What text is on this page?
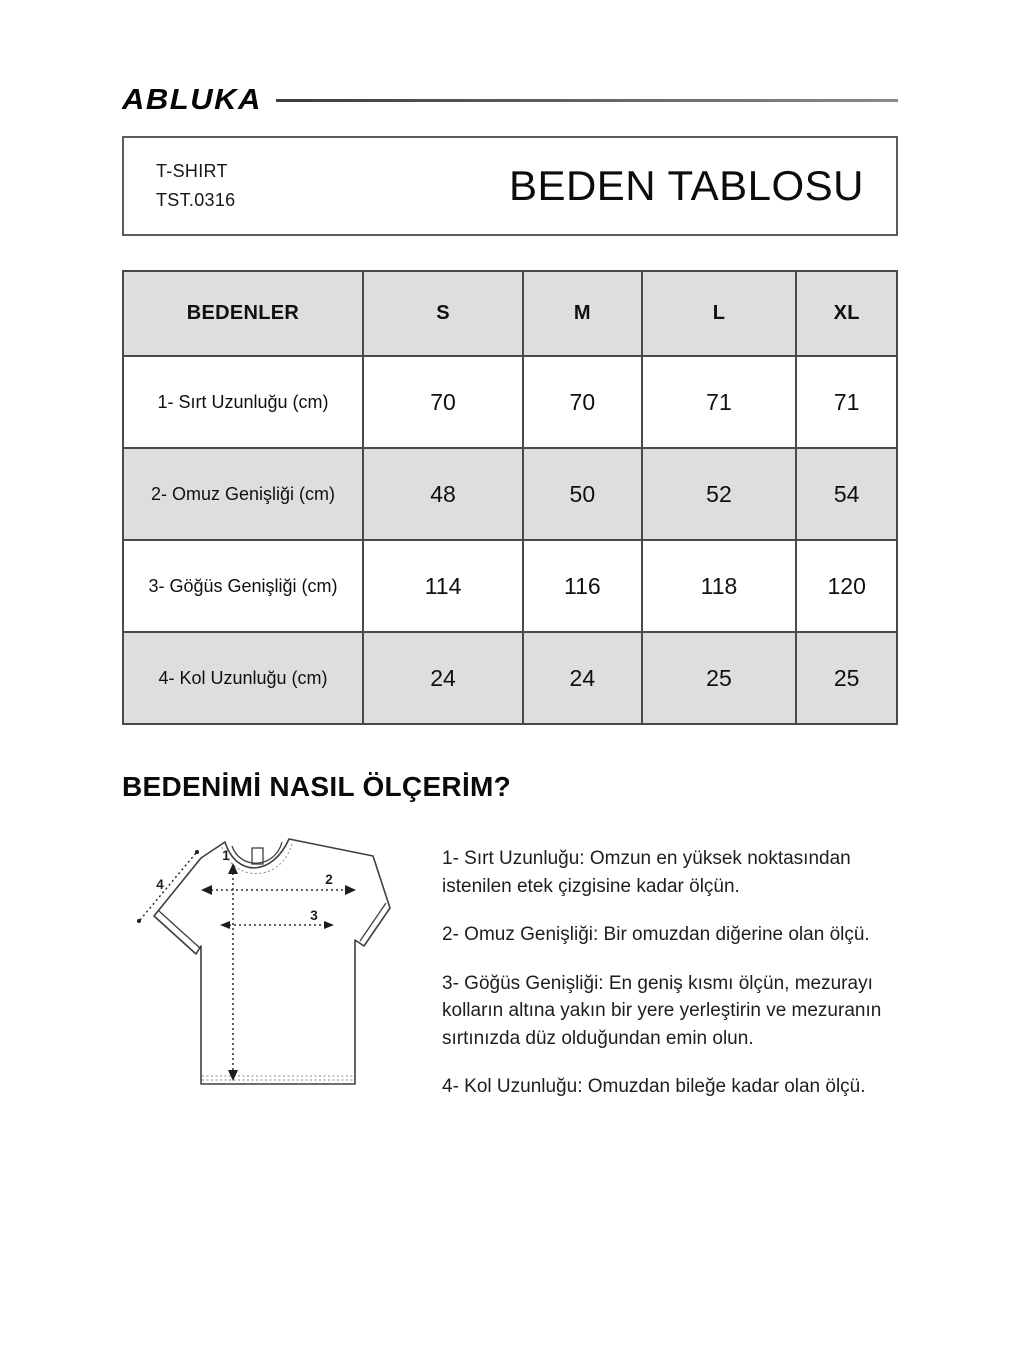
ABLUKA
T-SHIRT
TST.0316	BEDEN TABLOSU
BEDENLER	S	M	L	XL
1- Sırt Uzunluğu (cm)	70	70	71	71
2- Omuz Genişliği (cm)	48	50	52	54
3- Göğüs Genişliği (cm)	114	116	118	120
4- Kol Uzunluğu (cm)	24	24	25	25
BEDENİMİ NASIL ÖLÇERİM?
1
2
3
4

1- Sırt Uzunluğu: Omzun en yüksek noktasından istenilen etek çizgisine kadar ölçün.

2- Omuz Genişliği: Bir omuzdan diğerine olan ölçü.

3- Göğüs Genişliği: En geniş kısmı ölçün, mezurayı kolların altına yakın bir yere yerleştirin ve mezuranın sırtınızda düz olduğundan emin olun.

4- Kol Uzunluğu: Omuzdan bileğe kadar olan ölçü.
